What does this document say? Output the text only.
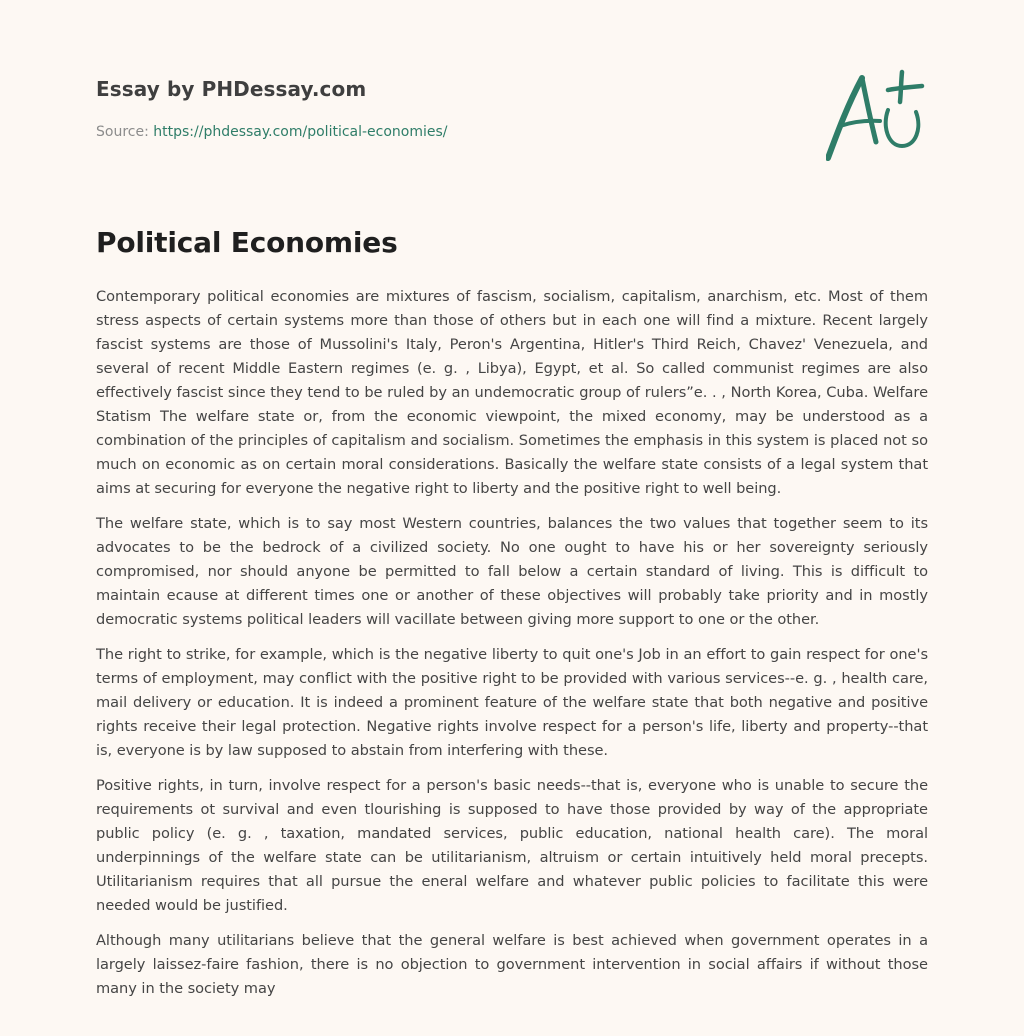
Essay by PHDessay.com
Source: https://phdessay.com/political-economies/
Political Economies

Contemporary political economies are mixtures of fascism, socialism, capitalism, anarchism, etc. Most of them stress aspects of certain systems more than those of others but in each one will find a mixture. Recent largely fascist systems are those of Mussolini's Italy, Peron's Argentina, Hitler's Third Reich, Chavez' Venezuela, and several of recent Middle Eastern regimes (e. g. , Libya), Egypt, et al. So called communist regimes are also effectively fascist since they tend to be ruled by an undemocratic group of rulers”e. . , North Korea, Cuba. Welfare Statism The welfare state or, from the economic viewpoint, the mixed economy, may be understood as a combination of the principles of capitalism and socialism. Sometimes the emphasis in this system is placed not so much on economic as on certain moral considerations. Basically the welfare state consists of a legal system that aims at securing for everyone the negative right to liberty and the positive right to well being.

The welfare state, which is to say most Western countries, balances the two values that together seem to its advocates to be the bedrock of a civilized society. No one ought to have his or her sovereignty seriously compromised, nor should anyone be permitted to fall below a certain standard of living. This is difficult to maintain ecause at different times one or another of these objectives will probably take priority and in mostly democratic systems political leaders will vacillate between giving more support to one or the other.

The right to strike, for example, which is the negative liberty to quit one's Job in an effort to gain respect for one's terms of employment, may conflict with the positive right to be provided with various services--e. g. , health care, mail delivery or education. It is indeed a prominent feature of the welfare state that both negative and positive rights receive their legal protection. Negative rights involve respect for a person's life, liberty and property--that is, everyone is by law supposed to abstain from interfering with these.

Positive rights, in turn, involve respect for a person's basic needs--that is, everyone who is unable to secure the requirements ot survival and even tlourishing is supposed to have those provided by way of the appropriate public policy (e. g. , taxation, mandated services, public education, national health care). The moral underpinnings of the welfare state can be utilitarianism, altruism or certain intuitively held moral precepts. Utilitarianism requires that all pursue the eneral welfare and whatever public policies to facilitate this were needed would be justified.

Although many utilitarians believe that the general welfare is best achieved when government operates in a largely laissez-faire fashion, there is no objection to government intervention in social affairs if without those many in the society may
